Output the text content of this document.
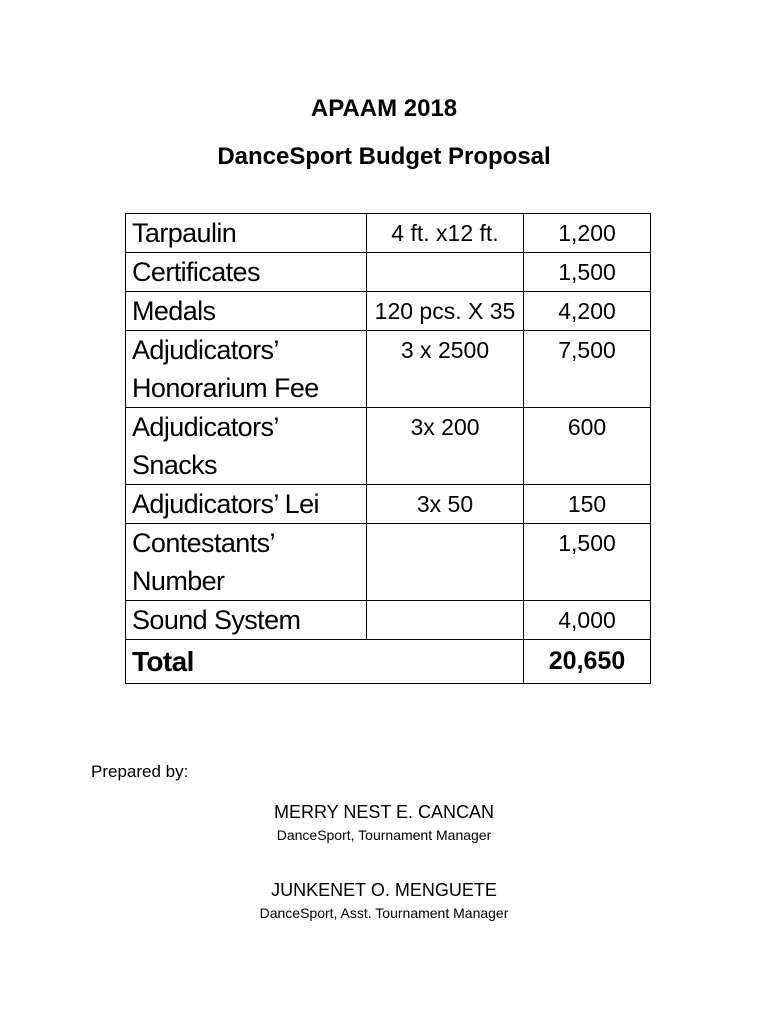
APAAM 2018
DanceSport Budget Proposal
Tarpaulin	4 ft. x12 ft.	1,200
Certificates		1,500
Medals	120 pcs. X 35	4,200
Adjudicators’ Honorarium Fee	3 x 2500	7,500
Adjudicators’ Snacks	3x 200	600
Adjudicators’ Lei	3x 50	150
Contestants’ Number		1,500
Sound System		4,000
Total		20,650
Prepared by:
MERRY NEST E. CANCAN
DanceSport, Tournament Manager
JUNKENET O. MENGUETE
DanceSport, Asst. Tournament Manager
